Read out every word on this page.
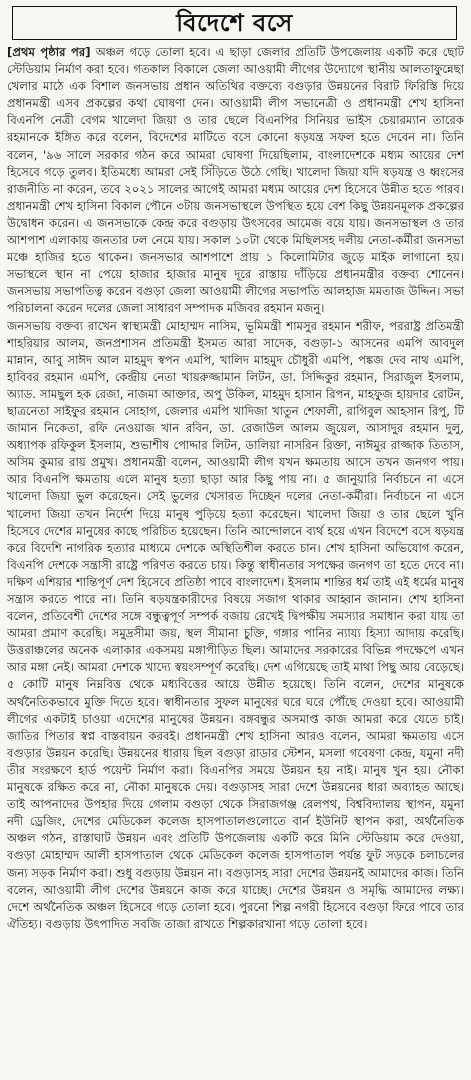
বিদেশে বসে

[প্রথম পৃষ্ঠার পর] অঞ্চল গড়ে তোলা হবে। এ ছাড়া জেলার প্রতিটি উপজেলায় একটি করে ছোট স্টেডিয়াম নির্মাণ করা হবে। গতকাল বিকালে জেলা আওয়ামী লীগের উদ্যোগে স্থানীয় আলতাফুন্নেছা খেলার মাঠে এক বিশাল জনসভায় প্রধান অতিথির বক্তব্যে বগুড়ার উন্নয়নের বিরাট ফিরিস্তি দিয়ে প্রধানমন্ত্রী এসব প্রকল্পের কথা ঘোষণা দেন। আওয়ামী লীগ সভানেত্রী ও প্রধানমন্ত্রী শেখ হাসিনা বিএনপি নেত্রী বেগম খালেদা জিয়া ও তার ছেলে বিএনপির সিনিয়র ভাইস চেয়ারম্যান তারেক রহমানকে ইঙ্গিত করে বলেন, বিদেশের মাটিতে বসে কোনো ষড়যন্ত্র সফল হতে দেবেন না। তিনি বলেন, '৯৬ সালে সরকার গঠন করে আমরা ঘোষণা দিয়েছিলাম, বাংলাদেশকে মধ্যম আয়ের দেশ হিসেবে গড়ে তুলব। ইতিমধ্যে আমরা সেই সিঁড়িতে উঠে গেছি। খালেদা জিয়া যদি ষড়যন্ত্র ও ধ্বংসের রাজনীতি না করেন, তবে ২০২১ সালের আগেই আমরা মধ্যম আয়ের দেশ হিসেবে উন্নীত হতে পারব। প্রধানমন্ত্রী শেখ হাসিনা বিকাল পৌনে ৩টায় জনসভাস্থলে উপস্থিত হয়ে বেশ কিছু উন্নয়নমূলক প্রকল্পের উদ্বোধন করেন। এ জনসভাকে কেন্দ্র করে বগুড়ায় উৎসবের আমেজ বয়ে যায়। জনসভাস্থল ও তার আশপাশ এলাকায় জনতার ঢল নেমে যায়। সকাল ১০টা থেকে মিছিলসহ দলীয় নেতা-কর্মীরা জনসভা মঞ্চে হাজির হতে থাকেন। জনসভার আশপাশে প্রায় ১ কিলোমিটার জুড়ে মাইক লাগানো হয়। সভাস্থলে স্থান না পেয়ে হাজার হাজার মানুষ দূরে রাস্তায় দাঁড়িয়ে প্রধানমন্ত্রীর বক্তব্য শোনেন। জনসভায় সভাপতিত্ব করেন বগুড়া জেলা আওয়ামী লীগের সভাপতি আলহাজ মমতাজ উদ্দিন। সভা পরিচালনা করেন দলের জেলা সাধারণ সম্পাদক মজিবর রহমান মজনু।

জনসভায় বক্তব্য রাখেন স্বাস্থ্যমন্ত্রী মোহাম্মদ নাসিম, ভূমিমন্ত্রী শামসুর রহমান শরীফ, পররাষ্ট্র প্রতিমন্ত্রী শাহরিয়ার আলম, জনপ্রশাসন প্রতিমন্ত্রী ইসমত আরা সাদেক, বগুড়া-১ আসনের এমপি আবদুল মান্নান, আবু সাঈদ আল মাহমুদ স্বপন এমপি, খালিদ মাহমুদ চৌধুরী এমপি, পঙ্কজ দেব নাথ এমপি, হাবিবর রহমান এমপি, কেন্দ্রীয় নেতা খায়রুজ্জামান লিটন, ডা. সিদ্দিকুর রহমান, সিরাজুল ইসলাম, অ্যাড. সামছুল হক রেজা, নাজমা আক্তার, অপু উকিল, মাহমুদ হাসান রিপন, মাহফুজ হায়দার রোটন, ছাত্রনেতা সাইফুর রহমান সোহাগ, জেলার এমপি খাদিজা খাতুন শেফালী, রাগিবুল আহসান রিপু, টি জামান নিকেতা, রফি নেওয়াজ খান রবিন, ডা. রেজাউল আলম জুয়েল, আসাদুর রহমান দুলু, অধ্যাপক রফিকুল ইসলাম, শুভাশীষ পোদ্দার লিটন, ডালিয়া নাসরিন রিক্তা, নাঈমুর রাজ্জাক তিতাস, অসিম কুমার রায় প্রমুখ। প্রধানমন্ত্রী বলেন, আওয়ামী লীগ যখন ক্ষমতায় আসে তখন জনগণ পায়। আর বিএনপি ক্ষমতায় এলে মানুষ হত্যা ছাড়া আর কিছু পায় না। ৫ জানুয়ারি নির্বাচনে না এসে খালেদা জিয়া ভুল করেছেন। সেই ভুলের খেসারত দিচ্ছেন দলের নেতা-কর্মীরা। নির্বাচনে না এসে খালেদা জিয়া তখন নির্দেশ দিয়ে মানুষ পুড়িয়ে হত্যা করেছেন। খালেদা জিয়া ও তার ছেলে খুনি হিসেবে দেশের মানুষের কাছে পরিচিত হয়েছেন। তিনি আন্দোলনে ব্যর্থ হয়ে এখন বিদেশে বসে ষড়যন্ত্র করে বিদেশি নাগরিক হত্যার মাধ্যমে দেশকে অস্থিতিশীল করতে চান। শেখ হাসিনা অভিযোগ করেন, বিএনপি দেশকে সন্ত্রাসী রাষ্ট্রে পরিণত করতে চায়। কিন্তু স্বাধীনতার সপক্ষের জনগণ তা হতে দেবে না। দক্ষিণ এশিয়ার শান্তিপূর্ণ দেশ হিসেবে প্রতিষ্ঠা পাবে বাংলাদেশ। ইসলাম শান্তির ধর্ম তাই এই ধর্মের মানুষ সন্ত্রাস করতে পারে না। তিনি ষড়যন্ত্রকারীদের বিষয়ে সজাগ থাকার আহ্বান জানান। শেখ হাসিনা বলেন, প্রতিবেশী দেশের সঙ্গে বন্ধুত্বপূর্ণ সম্পর্ক বজায় রেখেই দ্বিপক্ষীয় সমস্যার সমাধান করা যায় তা আমরা প্রমাণ করেছি। সমুদ্রসীমা জয়, স্থল সীমানা চুক্তি, গঙ্গার পানির ন্যায্য হিস্যা আদায় করেছি। উত্তরাঞ্চলের অনেক এলাকার একসময় মঙ্গাপীড়িত ছিল। আমাদের সরকারের বিভিন্ন পদক্ষেপে এখন আর মঙ্গা নেই। আমরা দেশকে খাদ্যে স্বয়ংসম্পূর্ণ করেছি। দেশ এগিয়েছে তাই মাথা পিছু আয় বেড়েছে। ৫ কোটি মানুষ নিম্নবিত্ত থেকে মধ্যবিত্তের আয়ে উন্নীত হয়েছে। তিনি বলেন, দেশের মানুষকে অর্থনৈতিকভাবে মুক্তি দিতে হবে। স্বাধীনতার সুফল মানুষের ঘরে ঘরে পৌঁছে দেওয়া হবে। আওয়ামী লীগের একটাই চাওয়া এদেশের মানুষের উন্নয়ন। বঙ্গবন্ধুর অসমাপ্ত কাজ আমরা করে যেতে চাই। জাতির পিতার স্বপ্ন বাস্তবায়ন করবই। প্রধানমন্ত্রী শেখ হাসিনা আরও বলেন, আমরা ক্ষমতায় এসে বগুড়ার উন্নয়ন করেছি। উন্নয়নের ধারায় ছিল বগুড়া রাডার স্টেশন, মসলা গবেষণা কেন্দ্র, যমুনা নদী তীর সংরক্ষণে হার্ড পয়েন্ট নির্মাণ করা। বিএনপির সময়ে উন্নয়ন হয় নাই। মানুষ খুন হয়। নৌকা মানুষকে রক্ষিত করে না, নৌকা মানুষকে দেয়। বগুড়াসহ সারা দেশে উন্নয়নের ধারা অব্যাহত আছে। তাই আপনাদের উপহার দিয়ে গেলাম বগুড়া থেকে সিরাজগঞ্জ রেলপথ, বিশ্ববিদ্যালয় স্থাপন, যমুনা নদী ড্রেজিং, দেশের মেডিকেল কলেজ হাসপাতালগুলোতে বার্ন ইউনিট স্থাপন করা, অর্থনৈতিক অঞ্চল গঠন, রাস্তাঘাট উন্নয়ন এবং প্রতিটি উপজেলায় একটি করে মিনি স্টেডিয়াম করে দেওয়া, বগুড়া মোহাম্মদ আলী হাসপাতাল থেকে মেডিকেল কলেজ হাসপাতাল পর্যন্ত ফুট সড়কে চলাচলের জন্য সড়ক নির্মাণ করা। শুধু বগুড়ায় উন্নয়ন না। বগুড়াসহ সারা দেশের উন্নয়নই আমাদের কাজ। তিনি বলেন, আওয়ামী লীগ দেশের উন্নয়নে কাজ করে যাচ্ছে। দেশের উন্নয়ন ও সমৃদ্ধি আমাদের লক্ষ্য। দেশে অর্থনৈতিক অঞ্চল হিসেবে গড়ে তোলা হবে। পুরনো শিল্প নগরী হিসেবে বগুড়া ফিরে পাবে তার ঐতিহ্য। বগুড়ায় উৎপাদিত সবজি তাজা রাখতে শিল্পকারখানা গড়ে তোলা হবে।
